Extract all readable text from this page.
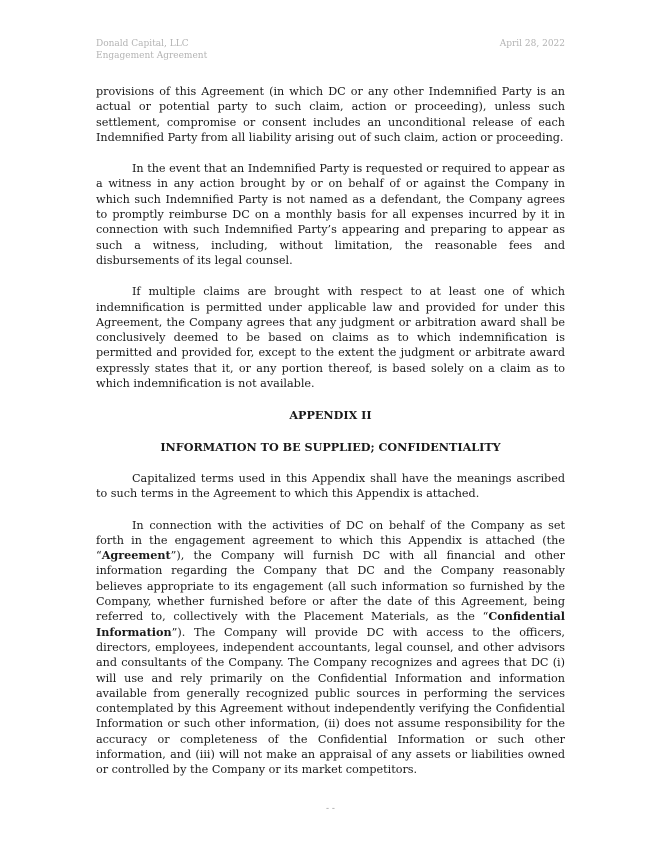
Donald Capital, LLC
Engagement Agreement
April 28, 2022

provisions of this Agreement (in which DC or any other Indemnified Party is an actual or potential party to such claim, action or proceeding), unless such settlement, compromise or consent includes an unconditional release of each Indemnified Party from all liability arising out of such claim, action or proceeding.

In the event that an Indemnified Party is requested or required to appear as a witness in any action brought by or on behalf of or against the Company in which such Indemnified Party is not named as a defendant, the Company agrees to promptly reimburse DC on a monthly basis for all expenses incurred by it in connection with such Indemnified Party’s appearing and preparing to appear as such a witness, including, without limitation, the reasonable fees and disbursements of its legal counsel.

If multiple claims are brought with respect to at least one of which indemnification is permitted under applicable law and provided for under this Agreement, the Company agrees that any judgment or arbitration award shall be conclusively deemed to be based on claims as to which indemnification is permitted and provided for, except to the extent the judgment or arbitrate award expressly states that it, or any portion thereof, is based solely on a claim as to which indemnification is not available.

APPENDIX II

INFORMATION TO BE SUPPLIED; CONFIDENTIALITY

Capitalized terms used in this Appendix shall have the meanings ascribed to such terms in the Agreement to which this Appendix is attached.

In connection with the activities of DC on behalf of the Company as set forth in the engagement agreement to which this Appendix is attached (the “Agreement”), the Company will furnish DC with all financial and other information regarding the Company that DC and the Company reasonably believes appropriate to its engagement (all such information so furnished by the Company, whether furnished before or after the date of this Agreement, being referred to, collectively with the Placement Materials, as the “Confidential Information”). The Company will provide DC with access to the officers, directors, employees, independent accountants, legal counsel, and other advisors and consultants of the Company. The Company recognizes and agrees that DC (i) will use and rely primarily on the Confidential Information and information available from generally recognized public sources in performing the services contemplated by this Agreement without independently verifying the Confidential Information or such other information, (ii) does not assume responsibility for the accuracy or completeness of the Confidential Information or such other information, and (iii) will not make an appraisal of any assets or liabilities owned or controlled by the Company or its market competitors.

- -
